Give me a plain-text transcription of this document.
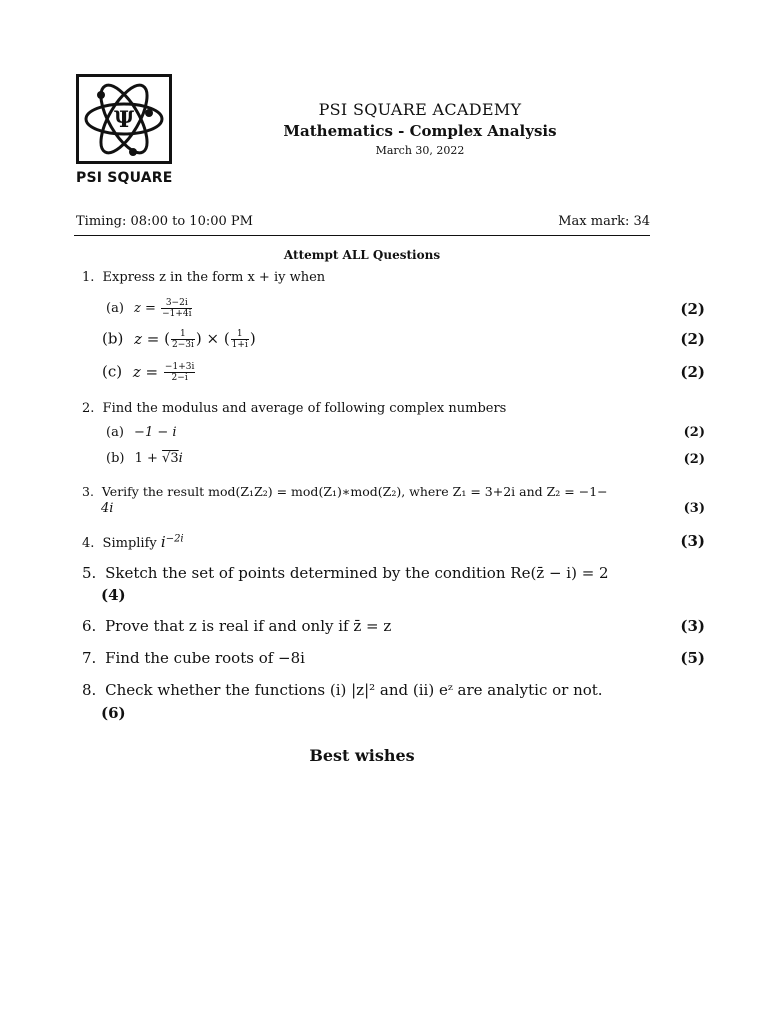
Ψ
PSI SQUARE
PSI SQUARE ACADEMY
Mathematics - Complex Analysis
March 30, 2022
Timing: 08:00 to 10:00 PM	Max mark: 34
Attempt ALL Questions
1. Express z in the form x + iy when
(a) $z = \frac{3-2i}{-1+4i}$	(2)
(b) z = ( $\frac{1}{2-3i}$ ) × ( $\frac{1}{1+i}$ )	(2)
(c) $z = \frac{-1+3i}{2-i}$	(2)
2. Find the modulus and average of following complex numbers
(a) −1 − i	(2)
(b) 1 + √3i	(2)
3. Verify the result mod(Z₁Z₂) = mod(Z₁)∗mod(Z₂), where Z₁ = 3+2i and Z₂ = −1−
4i	(3)
4. Simplify $i^{-2i}$	(3)
5. Sketch the set of points determined by the condition Re(z̄ − i) = 2
(4)
6. Prove that z is real if and only if z̄ = z	(3)
7. Find the cube roots of −8i	(5)
8. Check whether the functions (i) |z|² and (ii) eᶻ are analytic or not.
(6)
Best wishes
